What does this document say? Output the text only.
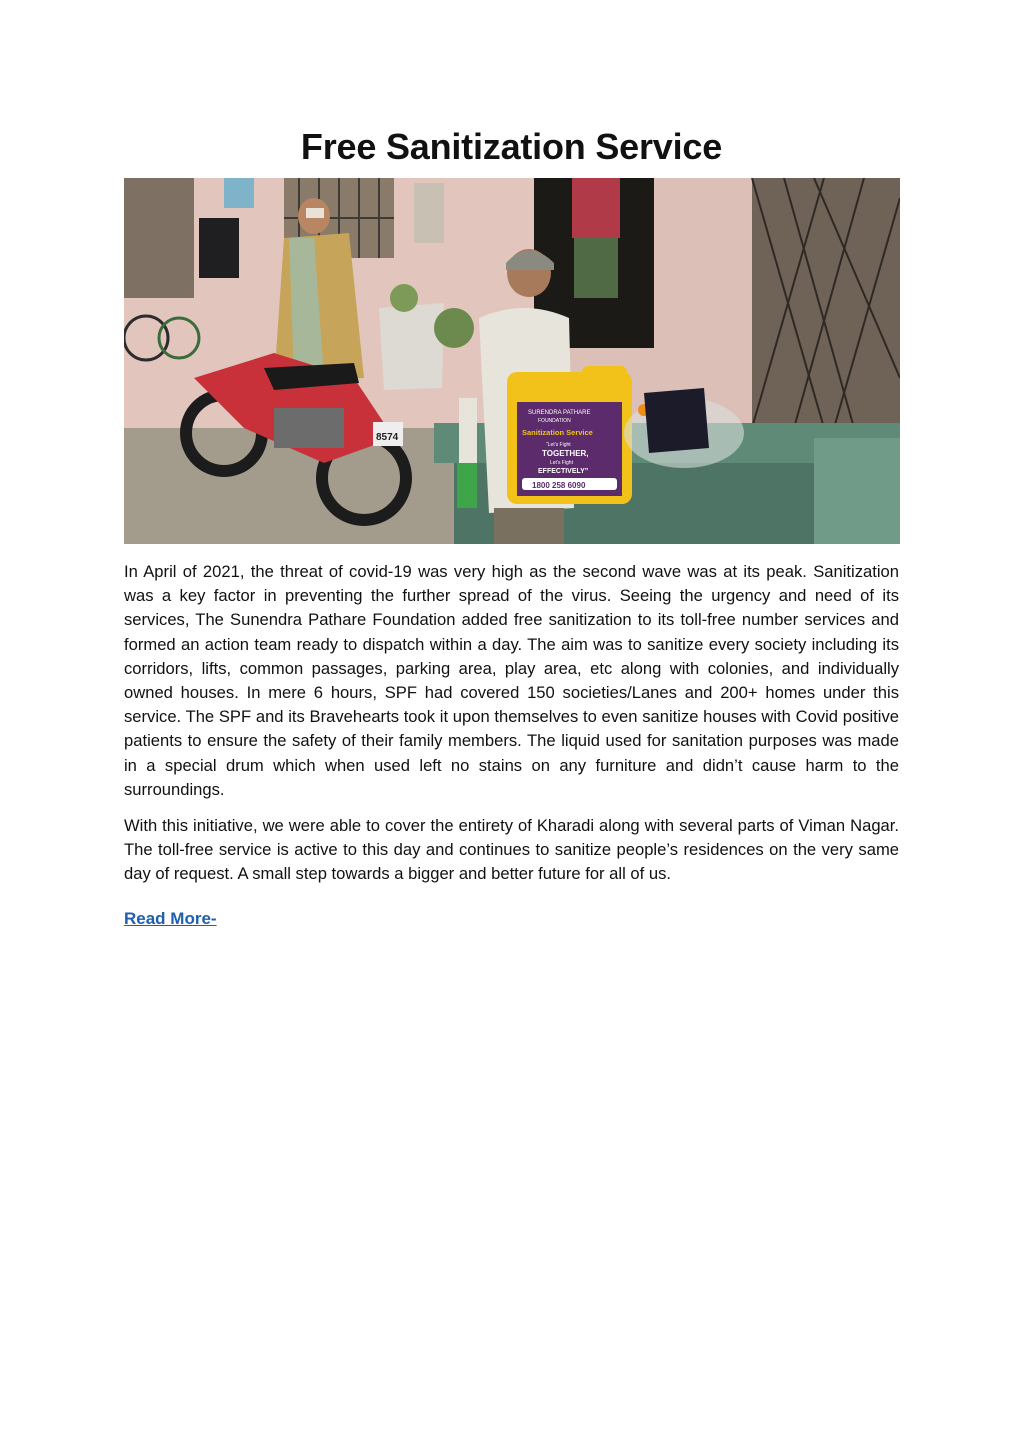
Free Sanitization Service
8574
SURENDRA PATHARE
FOUNDATION
Sanitization Service
“Let’s Fight
TOGETHER,
Let’s Fight
EFFECTIVELY”
1800 258 6090

In April of 2021, the threat of covid-19 was very high as the second wave was at its peak. Sanitization was a key factor in preventing the further spread of the virus. Seeing the urgency and need of its services, The Sunendra Pathare Foundation added free sanitization to its toll-free number services and formed an action team ready to dispatch within a day. The aim was to sanitize every society including its corridors, lifts, common passages, parking area, play area, etc along with colonies, and individually owned houses. In mere 6 hours, SPF had covered 150 societies/Lanes and 200+ homes under this service. The SPF and its Bravehearts took it upon themselves to even sanitize houses with Covid positive patients to ensure the safety of their family members. The liquid used for sanitation purposes was made in a special drum which when used left no stains on any furniture and didn’t cause harm to the surroundings.

With this initiative, we were able to cover the entirety of Kharadi along with several parts of Viman Nagar. The toll-free service is active to this day and continues to sanitize people’s residences on the very same day of request. A small step towards a bigger and better future for all of us.

Read More-
